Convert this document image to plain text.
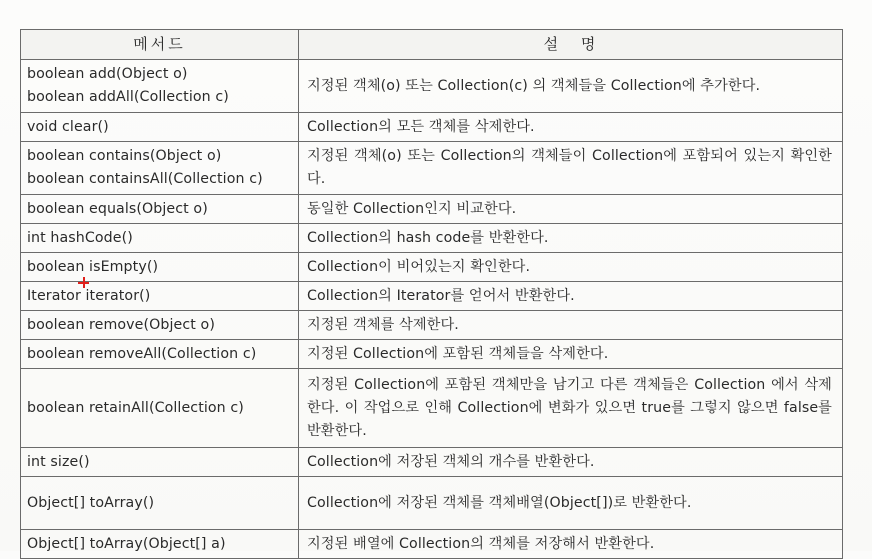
메서드	설 명

boolean add(Object o)
boolean addAll(Collection c)	지정된 객체(o) 또는 Collection(c) 의 객체들을 Collection에 추가한다.

void clear()	Collection의 모든 객체를 삭제한다.

boolean contains(Object o)
boolean containsAll(Collection c)	지정된 객체(o) 또는 Collection의 객체들이 Collection에 포함되어 있는지 확인한다.

boolean equals(Object o)	동일한 Collection인지 비교한다.

int hashCode()	Collection의 hash code를 반환한다.

boolean isEmpty()	Collection이 비어있는지 확인한다.

Iterator iterator()	Collection의 Iterator를 얻어서 반환한다.

boolean remove(Object o)	지정된 객체를 삭제한다.

boolean removeAll(Collection c)	지정된 Collection에 포함된 객체들을 삭제한다.

boolean retainAll(Collection c)	지정된 Collection에 포함된 객체만을 남기고 다른 객체들은 Collection 에서 삭제한다. 이 작업으로 인해 Collection에 변화가 있으면 true를 그렇지 않으면 false를 반환한다.

int size()	Collection에 저장된 객체의 개수를 반환한다.

Object[] toArray()	Collection에 저장된 객체를 객체배열(Object[])로 반환한다.

Object[] toArray(Object[] a)	지정된 배열에 Collection의 객체를 저장해서 반환한다.
